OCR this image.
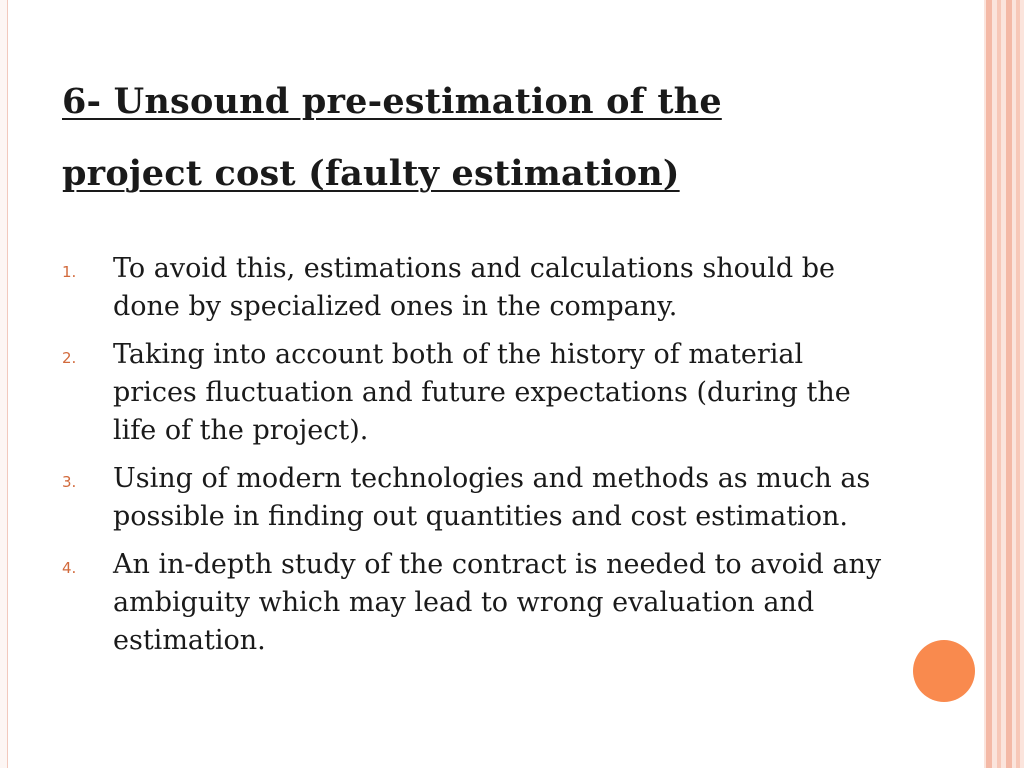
6- Unsound pre-estimation of the
project cost (faulty estimation)
1. To avoid this, estimations and calculations should be done by specialized ones in the company.
2. Taking into account both of the history of material prices fluctuation and future expectations (during the life of the project).
3. Using of modern technologies and methods as much as possible in finding out quantities and cost estimation.
4. An in-depth study of the contract is needed to avoid any ambiguity which may lead to wrong evaluation and estimation.
